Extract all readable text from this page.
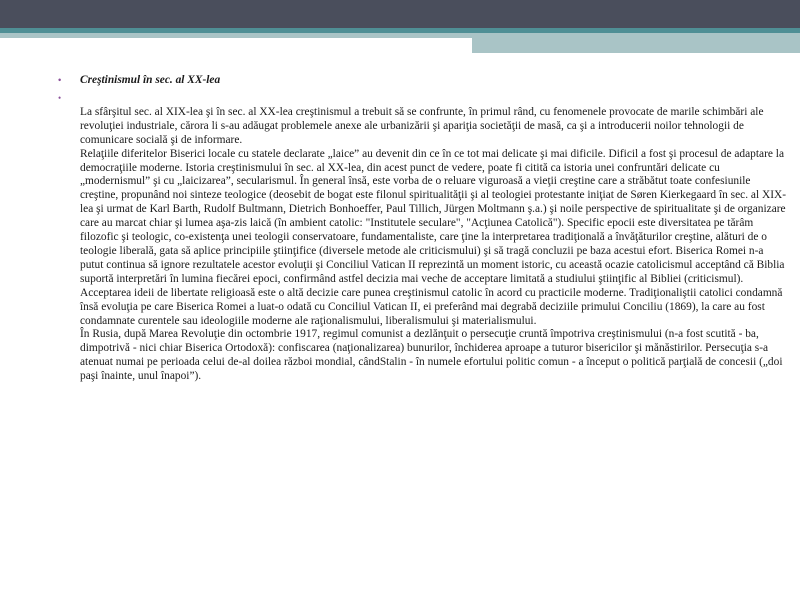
• Creştinismul în sec. al XX-lea
•

La sfârşitul sec. al XIX-lea şi în sec. al XX-lea creştinismul a trebuit să se confrunte, în primul rând, cu fenomenele provocate de marile schimbări ale revoluţiei industriale, cărora li s-au adăugat problemele anexe ale urbanizării şi apariţia societăţii de masă, ca şi a introducerii noilor tehnologii de comunicare socială şi de informare.

Relaţiile diferitelor Biserici locale cu statele declarate „laice” au devenit din ce în ce tot mai delicate şi mai dificile. Dificil a fost şi procesul de adaptare la democraţiile moderne. Istoria creştinismului în sec. al XX-lea, din acest punct de vedere, poate fi citită ca istoria unei confruntări delicate cu „modernismul” şi cu „laicizarea”, secularismul. În general însă, este vorba de o reluare viguroasă a vieţii creştine care a străbătut toate confesiunile creştine, propunând noi sinteze teologice (deosebit de bogat este filonul spiritualităţii şi al teologiei protestante iniţiat de Søren Kierkegaard în sec. al XIX-lea şi urmat de Karl Barth, Rudolf Bultmann, Dietrich Bonhoeffer, Paul Tillich, Jürgen Moltmann ş.a.) şi noile perspective de spiritualitate şi de organizare care au marcat chiar şi lumea aşa-zis laică (în ambient catolic: "Institutele seculare", "Acţiunea Catolică"). Specific epocii este diversitatea pe tărâm filozofic şi teologic, co-existenţa unei teologii conservatoare, fundamentaliste, care ţine la interpretarea tradiţională a învăţăturilor creştine, alături de o teologie liberală, gata să aplice principiile ştiinţifice (diversele metode ale criticismului) şi să tragă concluzii pe baza acestui efort. Biserica Romei n-a putut continua să ignore rezultatele acestor evoluţii şi Conciliul Vatican II reprezintă un moment istoric, cu această ocazie catolicismul acceptând că Biblia suportă interpretări în lumina fiecărei epoci, confirmând astfel decizia mai veche de acceptare limitată a studiului ştiinţific al Bibliei (criticismul). Acceptarea ideii de libertate religioasă este o altă decizie care punea creştinismul catolic în acord cu practicile moderne. Tradiţionaliştii catolici condamnă însă evoluţia pe care Biserica Romei a luat-o odată cu Conciliul Vatican II, ei preferând mai degrabă deciziile primului Conciliu (1869), la care au fost condamnate curentele sau ideologiile moderne ale raţionalismului, liberalismului şi materialismului.

În Rusia, după Marea Revoluţie din octombrie 1917, regimul comunist a dezlănţuit o persecuţie cruntă împotriva creştinismului (n-a fost scutită - ba, dimpotrivă - nici chiar Biserica Ortodoxă): confiscarea (naţionalizarea) bunurilor, închiderea aproape a tuturor bisericilor şi mănăstirilor. Persecuţia s-a atenuat numai pe perioada celui de-al doilea război mondial, cândStalin - în numele efortului politic comun - a început o politică parţială de concesii („doi paşi înainte, unul înapoi”).
